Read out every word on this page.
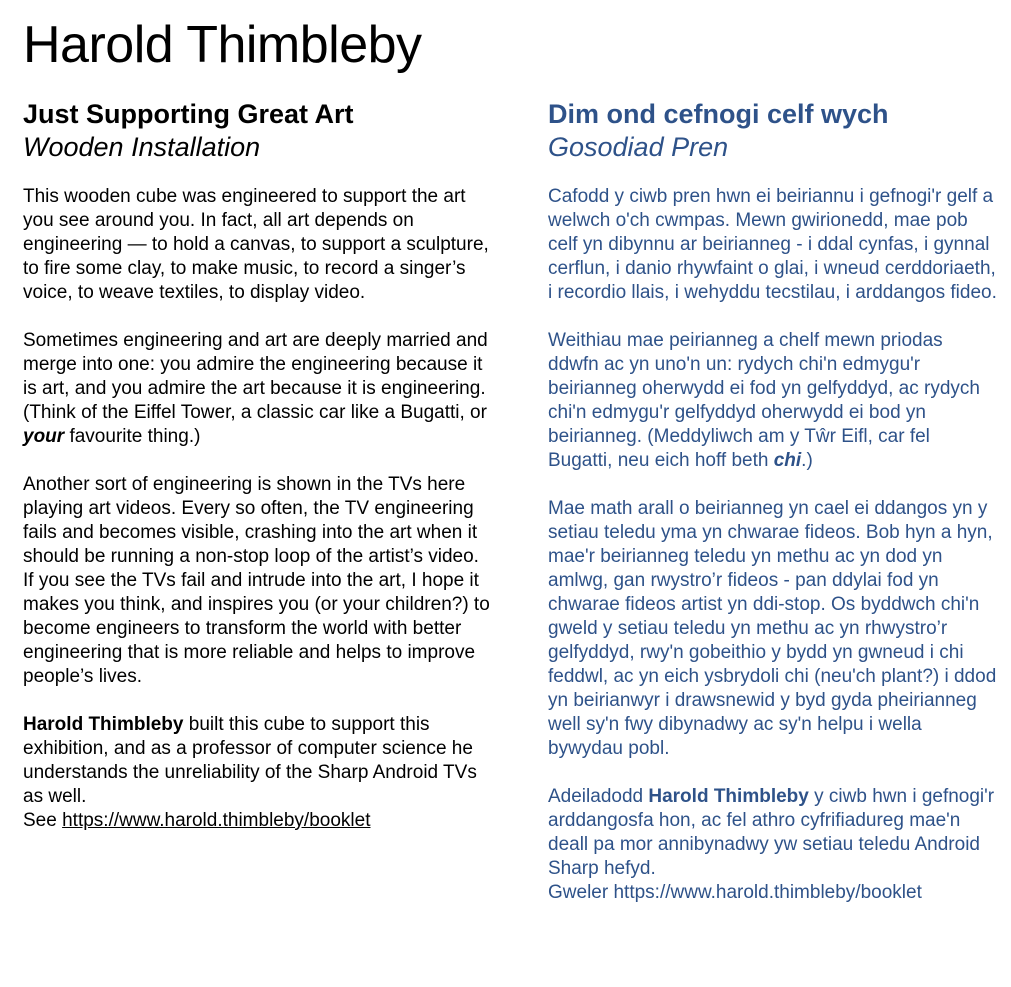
Harold Thimbleby
Just Supporting Great Art
Wooden Installation

This wooden cube was engineered to support the art you see around you. In fact, all art depends on engineering — to hold a canvas, to support a sculpture, to fire some clay, to make music, to record a singer’s voice, to weave textiles, to display video.

Sometimes engineering and art are deeply married and merge into one: you admire the engineering because it is art, and you admire the art because it is engineering. (Think of the Eiffel Tower, a classic car like a Bugatti, or your favourite thing.)

Another sort of engineering is shown in the TVs here playing art videos. Every so often, the TV engineering fails and becomes visible, crashing into the art when it should be running a non-stop loop of the artist’s video. If you see the TVs fail and intrude into the art, I hope it makes you think, and inspires you (or your children?) to become engineers to transform the world with better engineering that is more reliable and helps to improve people’s lives.

Harold Thimbleby built this cube to support this exhibition, and as a professor of computer science he understands the unreliability of the Sharp Android TVs as well.
See https://www.harold.thimbleby/booklet

Dim ond cefnogi celf wych
Gosodiad Pren

Cafodd y ciwb pren hwn ei beiriannu i gefnogi'r gelf a welwch o'ch cwmpas. Mewn gwirionedd, mae pob celf yn dibynnu ar beirianneg - i ddal cynfas, i gynnal cerflun, i danio rhywfaint o glai, i wneud cerddoriaeth, i recordio llais, i wehyddu tecstilau, i arddangos fideo.

Weithiau mae peirianneg a chelf mewn priodas ddwfn ac yn uno'n un: rydych chi'n edmygu'r beirianneg oherwydd ei fod yn gelfyddyd, ac rydych chi'n edmygu'r gelfyddyd oherwydd ei bod yn beirianneg. (Meddyliwch am y Tŵr Eifl, car fel Bugatti, neu eich hoff beth chi.)

Mae math arall o beirianneg yn cael ei ddangos yn y setiau teledu yma yn chwarae fideos. Bob hyn a hyn, mae'r beirianneg teledu yn methu ac yn dod yn amlwg, gan rwystro’r fideos - pan ddylai fod yn chwarae fideos artist yn ddi-stop. Os byddwch chi'n gweld y setiau teledu yn methu ac yn rhwystro’r gelfyddyd, rwy'n gobeithio y bydd yn gwneud i chi feddwl, ac yn eich ysbrydoli chi (neu'ch plant?) i ddod yn beirianwyr i drawsnewid y byd gyda pheirianneg well sy'n fwy dibynadwy ac sy'n helpu i wella bywydau pobl.

Adeiladodd Harold Thimbleby y ciwb hwn i gefnogi'r arddangosfa hon, ac fel athro cyfrifiadureg mae'n deall pa mor annibynadwy yw setiau teledu Android Sharp hefyd.
Gweler https://www.harold.thimbleby/booklet
